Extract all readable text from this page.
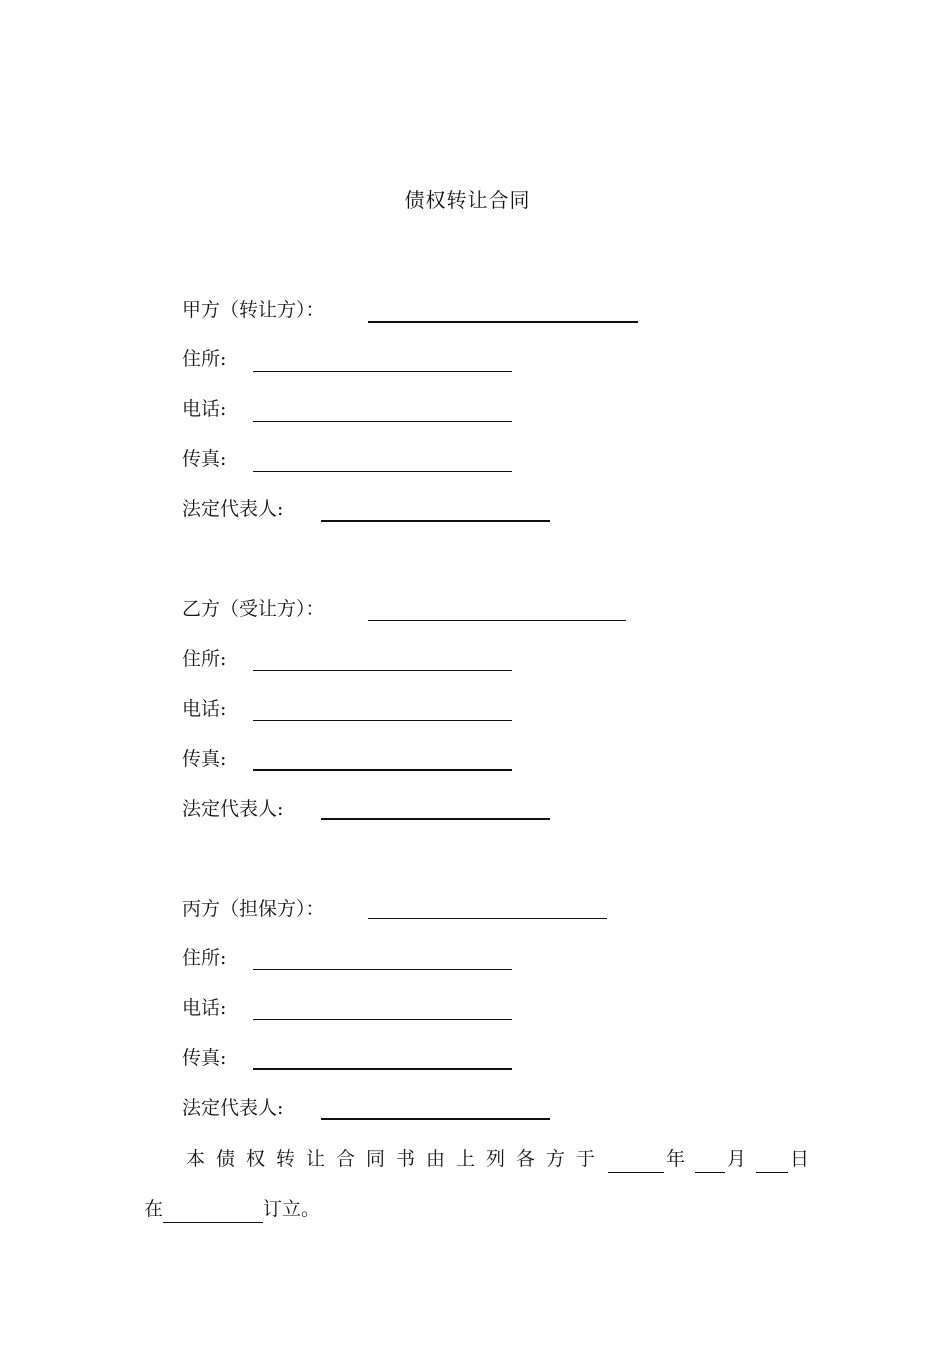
债权转让合同
甲方（转让方）：
住所:
电话:
传真:
法定代表人:
乙方（受让方）：
住所:
电话:
传真:
法定代表人:
丙方（担保方）：
住所:
电话:
传真:
法定代表人:
本债权转让合同书由上列各方于	年 月 日
在	订立。
